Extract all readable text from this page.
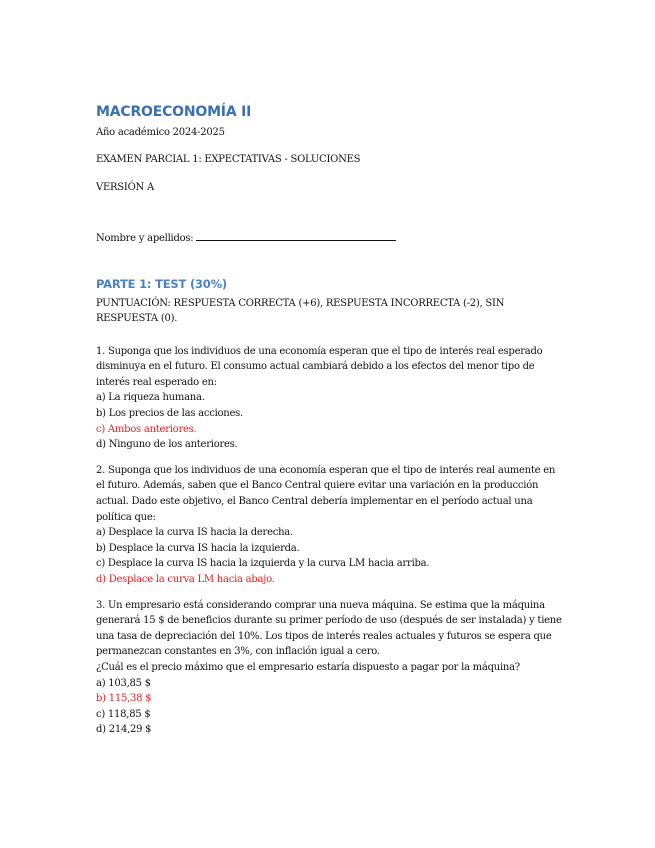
MACROECONOMÍA II
Año académico 2024-2025
EXAMEN PARCIAL 1: EXPECTATIVAS - SOLUCIONES
VERSIÓN A
Nombre y apellidos:
PARTE 1: TEST (30%)
PUNTUACIÓN: RESPUESTA CORRECTA (+6), RESPUESTA INCORRECTA (-2), SIN RESPUESTA (0).

1. Suponga que los individuos de una economía esperan que el tipo de interés real esperado disminuya en el futuro. El consumo actual cambiará debido a los efectos del menor tipo de interés real esperado en:

a) La riqueza humana.
b) Los precios de las acciones.
c) Ambos anteriores.
d) Ninguno de los anteriores.

2. Suponga que los individuos de una economía esperan que el tipo de interés real aumente en el futuro. Además, saben que el Banco Central quiere evitar una variación en la producción actual. Dado este objetivo, el Banco Central debería implementar en el período actual una política que:

a) Desplace la curva IS hacia la derecha.
b) Desplace la curva IS hacia la izquierda.
c) Desplace la curva IS hacia la izquierda y la curva LM hacia arriba.
d) Desplace la curva LM hacia abajo.

3. Un empresario está considerando comprar una nueva máquina. Se estima que la máquina generará 15 $ de beneficios durante su primer período de uso (después de ser instalada) y tiene una tasa de depreciación del 10%. Los tipos de interés reales actuales y futuros se espera que permanezcan constantes en 3%, con inflación igual a cero.

¿Cuál es el precio máximo que el empresario estaría dispuesto a pagar por la máquina?

a) 103,85 $
b) 115,38 $
c) 118,85 $
d) 214,29 $
